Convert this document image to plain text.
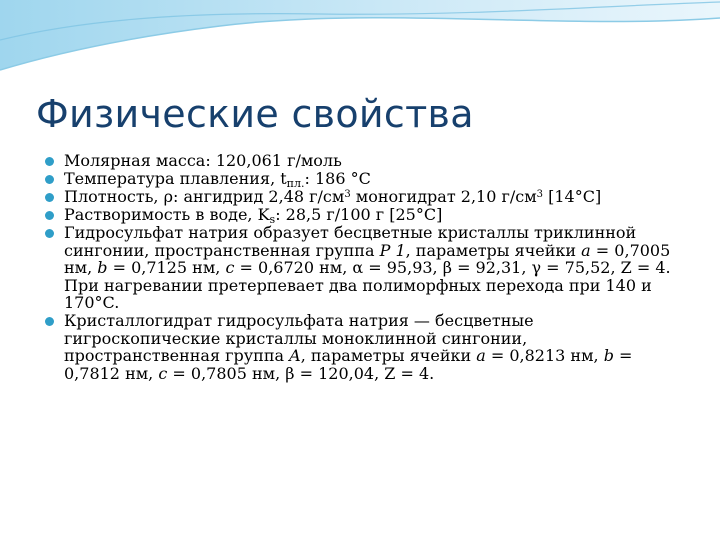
Физические свойства
Молярная масса: 120,061 г/моль
Температура плавления, $t_{пл.}$: 186 °C
Плотность, ρ: ангидрид 2,48 $г/см^3$ моногидрат 2,10 $г/см^3$ [14°C]
Растворимость в воде, $K_s$: 28,5 г/100 г [25°C]
Гидросульфат натрия образует бесцветные кристаллы триклинной сингонии, пространственная группа P 1, параметры ячейки a = 0,7005 нм, b = 0,7125 нм, c = 0,6720 нм, α = 95,93, β = 92,31, γ = 75,52, Z = 4. При нагревании претерпевает два полиморфных перехода при 140 и 170°C.
Кристаллогидрат гидросульфата натрия — бесцветные гигроскопические кристаллы моноклинной сингонии, пространственная группа A, параметры ячейки a = 0,8213 нм, b = 0,7812 нм, c = 0,7805 нм, β = 120,04, Z = 4.
